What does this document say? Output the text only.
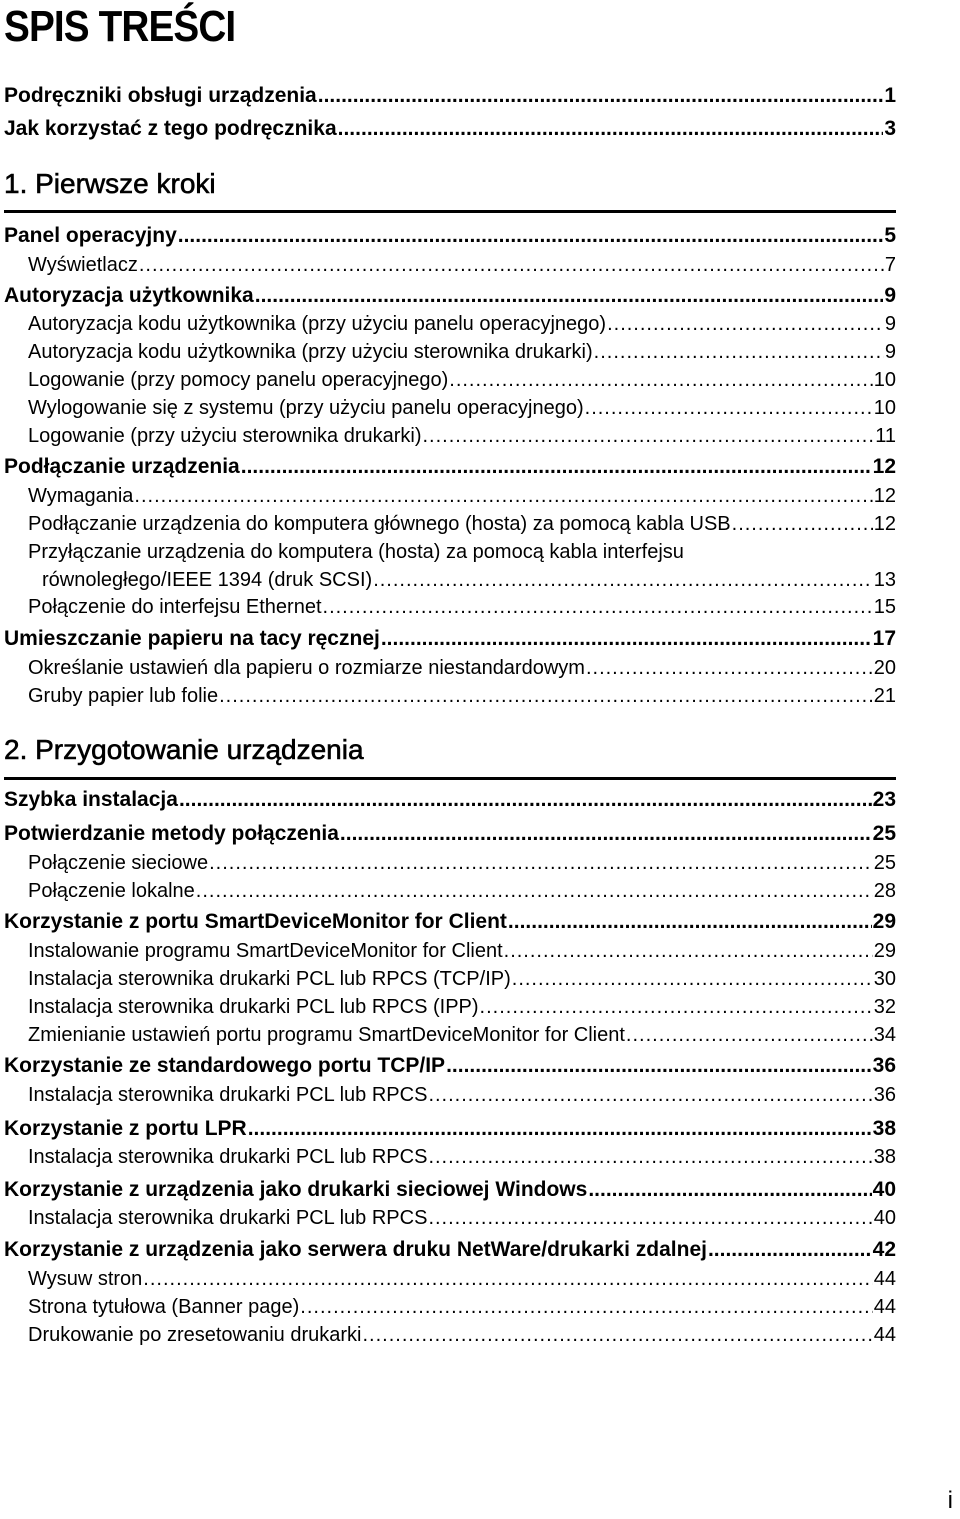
SPIS TREŚCI
Podręczniki obsługi urządzenia .....	1
Jak korzystać z tego podręcznika .....	3
1. Pierwsze kroki
Panel operacyjny .....	5
Wyświetlacz .....	7
Autoryzacja użytkownika .....	9
Autoryzacja kodu użytkownika (przy użyciu panelu operacyjnego) .....	9
Autoryzacja kodu użytkownika (przy użyciu sterownika drukarki) .....	9
Logowanie (przy pomocy panelu operacyjnego) .....	10
Wylogowanie się z systemu (przy użyciu panelu operacyjnego) .....	10
Logowanie (przy użyciu sterownika drukarki) .....	11
Podłączanie urządzenia .....	12
Wymagania .....	12
Podłączanie urządzenia do komputera głównego (hosta) za pomocą kabla USB .....	12
Przyłączanie urządzenia do komputera (hosta) za pomocą kabla interfejsu
równoległego/IEEE 1394 (druk SCSI) .....	13
Połączenie do interfejsu Ethernet .....	15
Umieszczanie papieru na tacy ręcznej .....	17
Określanie ustawień dla papieru o rozmiarze niestandardowym .....	20
Gruby papier lub folie .....	21
2. Przygotowanie urządzenia
Szybka instalacja .....	23
Potwierdzanie metody połączenia .....	25
Połączenie sieciowe .....	25
Połączenie lokalne .....	28
Korzystanie z portu SmartDeviceMonitor for Client .....	29
Instalowanie programu SmartDeviceMonitor for Client .....	29
Instalacja sterownika drukarki PCL lub RPCS (TCP/IP) .....	30
Instalacja sterownika drukarki PCL lub RPCS (IPP) .....	32
Zmienianie ustawień portu programu SmartDeviceMonitor for Client .....	34
Korzystanie ze standardowego portu TCP/IP .....	36
Instalacja sterownika drukarki PCL lub RPCS .....	36
Korzystanie z portu LPR .....	38
Instalacja sterownika drukarki PCL lub RPCS .....	38
Korzystanie z urządzenia jako drukarki sieciowej Windows .....	40
Instalacja sterownika drukarki PCL lub RPCS .....	40
Korzystanie z urządzenia jako serwera druku NetWare/drukarki zdalnej .....	42
Wysuw stron .....	44
Strona tytułowa (Banner page) .....	44
Drukowanie po zresetowaniu drukarki .....	44
i
